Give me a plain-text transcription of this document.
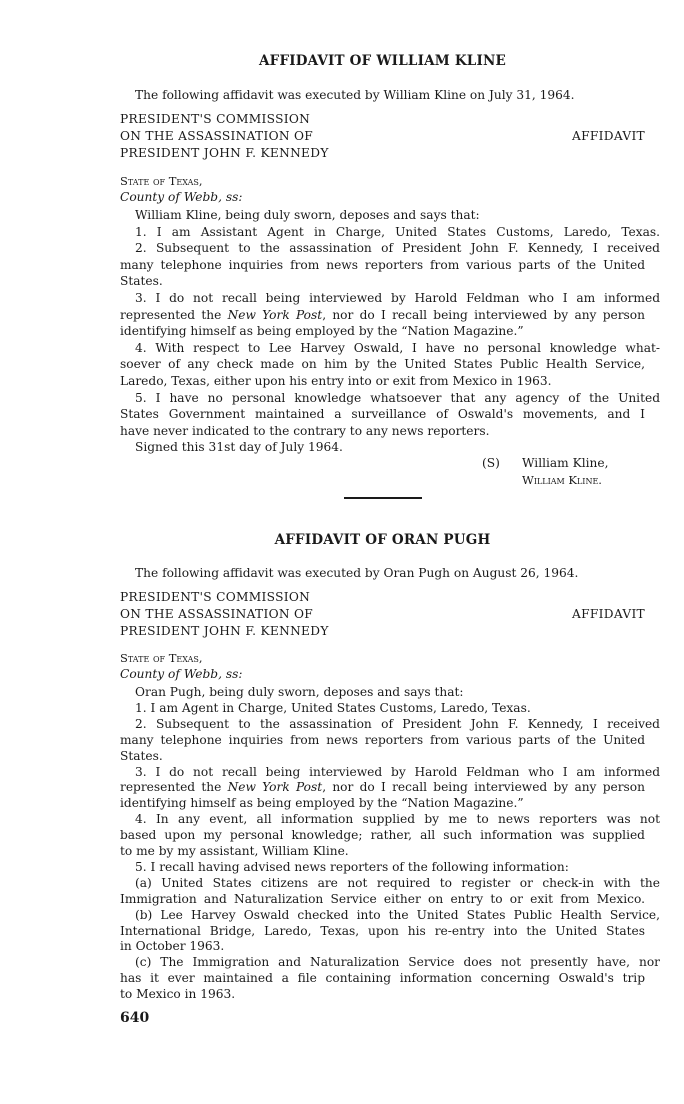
AFFIDAVIT OF WILLIAM KLINE
The following affidavit was executed by William Kline on July 31, 1964.
PRESIDENT'S COMMISSION
ON THE ASSASSINATION OF	AFFIDAVIT
PRESIDENT JOHN F. KENNEDY
State of Texas,
County of Webb, ss:
William Kline, being duly sworn, deposes and says that:
1. I am Assistant Agent in Charge, United States Customs, Laredo, Texas.
2. Subsequent to the assassination of President John F. Kennedy, I received
many telephone inquiries from news reporters from various parts of the United
States.
3. I do not recall being interviewed by Harold Feldman who I am informed
represented the New York Post, nor do I recall being interviewed by any person
identifying himself as being employed by the “Nation Magazine.”
4. With respect to Lee Harvey Oswald, I have no personal knowledge what-
soever of any check made on him by the United States Public Health Service,
Laredo, Texas, either upon his entry into or exit from Mexico in 1963.
5. I have no personal knowledge whatsoever that any agency of the United
States Government maintained a surveillance of Oswald's movements, and I
have never indicated to the contrary to any news reporters.
Signed this 31st day of July 1964.
(S) William Kline,
William Kline.
AFFIDAVIT OF ORAN PUGH
The following affidavit was executed by Oran Pugh on August 26, 1964.
PRESIDENT'S COMMISSION
ON THE ASSASSINATION OF	AFFIDAVIT
PRESIDENT JOHN F. KENNEDY
State of Texas,
County of Webb, ss:
Oran Pugh, being duly sworn, deposes and says that:
1. I am Agent in Charge, United States Customs, Laredo, Texas.
2. Subsequent to the assassination of President John F. Kennedy, I received
many telephone inquiries from news reporters from various parts of the United
States.
3. I do not recall being interviewed by Harold Feldman who I am informed
represented the New York Post, nor do I recall being interviewed by any person
identifying himself as being employed by the “Nation Magazine.”
4. In any event, all information supplied by me to news reporters was not
based upon my personal knowledge; rather, all such information was supplied
to me by my assistant, William Kline.
5. I recall having advised news reporters of the following information:
(a) United States citizens are not required to register or check-in with the
Immigration and Naturalization Service either on entry to or exit from Mexico.
(b) Lee Harvey Oswald checked into the United States Public Health Service,
International Bridge, Laredo, Texas, upon his re-entry into the United States
in October 1963.
(c) The Immigration and Naturalization Service does not presently have, nor
has it ever maintained a file containing information concerning Oswald's trip
to Mexico in 1963.
640
